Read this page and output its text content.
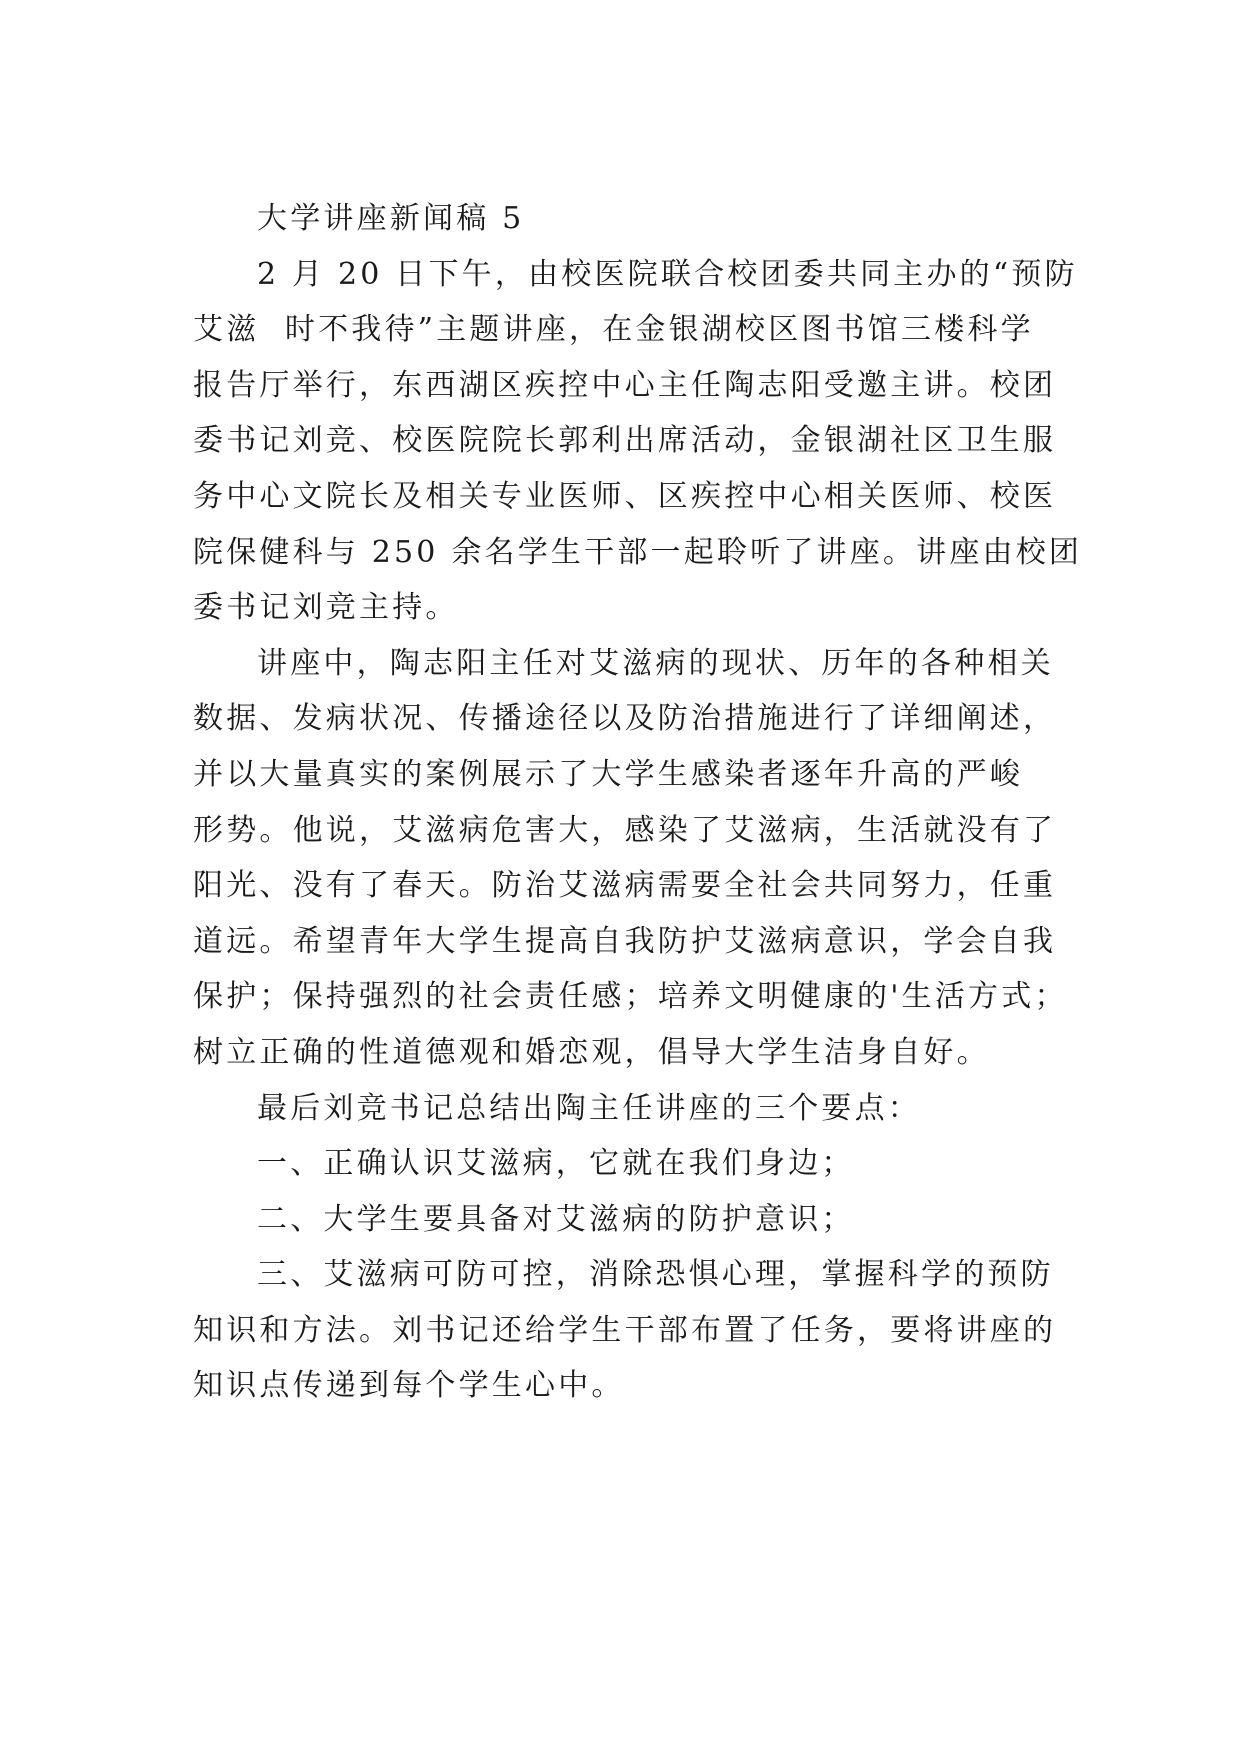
大学讲座新闻稿 5
2 月 20 日下午，由校医院联合校团委共同主办的“预防
艾滋  时不我待”主题讲座，在金银湖校区图书馆三楼科学
报告厅举行，东西湖区疾控中心主任陶志阳受邀主讲。校团
委书记刘竞、校医院院长郭利出席活动，金银湖社区卫生服
务中心文院长及相关专业医师、区疾控中心相关医师、校医
院保健科与 250 余名学生干部一起聆听了讲座。讲座由校团
委书记刘竞主持。
讲座中，陶志阳主任对艾滋病的现状、历年的各种相关
数据、发病状况、传播途径以及防治措施进行了详细阐述，
并以大量真实的案例展示了大学生感染者逐年升高的严峻
形势。他说，艾滋病危害大，感染了艾滋病，生活就没有了
阳光、没有了春天。防治艾滋病需要全社会共同努力，任重
道远。希望青年大学生提高自我防护艾滋病意识，学会自我
保护；保持强烈的社会责任感；培养文明健康的'生活方式；
树立正确的性道德观和婚恋观，倡导大学生洁身自好。
最后刘竞书记总结出陶主任讲座的三个要点：
一、正确认识艾滋病，它就在我们身边；
二、大学生要具备对艾滋病的防护意识；
三、艾滋病可防可控，消除恐惧心理，掌握科学的预防
知识和方法。刘书记还给学生干部布置了任务，要将讲座的
知识点传递到每个学生心中。
